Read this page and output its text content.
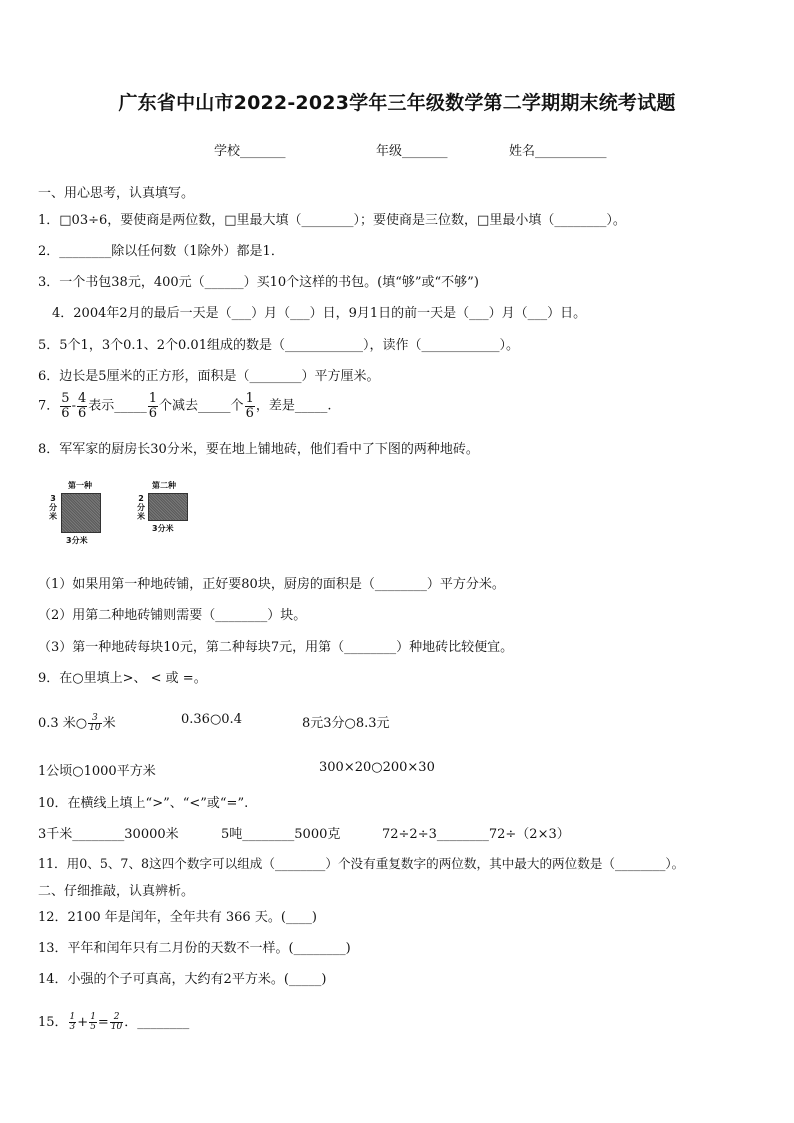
广东省中山市2022-2023学年三年级数学第二学期期末统考试题
学校_______	年级_______	姓名___________
一、用心思考，认真填写。
1．□03÷6，要使商是两位数，□里最大填（________）；要使商是三位数，□里最小填（________）。
2．________除以任何数（1除外）都是1．
3．一个书包38元，400元（______）买10个这样的书包。(填“够”或“不够”)
4．2004年2月的最后一天是（___）月（___）日，9月1日的前一天是（___）月（___）日。
5．5个1，3个0.1、2个0.01组成的数是（____________），读作（____________）。
6．边长是5厘米的正方形，面积是（________）平方厘米。
7． $\frac{5}{6} - \frac{4}{6}$ 表示_____ $\frac{1}{6}$ 个减去_____个 $\frac{1}{6}$ ，差是_____.
8．军军家的厨房长30分米，要在地上铺地砖，他们看中了下图的两种地砖。
第一种
3分米
3分米
第二种
2分米
3分米
（1）如果用第一种地砖铺，正好要80块，厨房的面积是（________）平方分米。
（2）用第二种地砖铺则需要（________）块。
（3）第一种地砖每块10元，第二种每块7元，用第（________）种地砖比较便宜。
9．在○里填上>、 < 或 =。
0.3 米○ $\frac{3}{10}$ 米	0.36○0.4	8元3分○8.3元
1公顷○1000平方米	300×20○200×30
10．在横线上填上“>”、“<”或“=”.
3千米________30000米	5吨________5000克	72÷2÷3________72÷（2×3）
11．用0、5、7、8这四个数字可以组成（________）个没有重复数字的两位数，其中最大的两位数是（________）。
二、仔细推敲，认真辨析。
12．2100 年是闰年，全年共有 366 天。(____)
13．平年和闰年只有二月份的天数不一样。(________)
14．小强的个子可真高，大约有2平方米。(_____)
15． $\frac{1}{3} + \frac{1}{5} = \frac{2}{10}$ ．________
